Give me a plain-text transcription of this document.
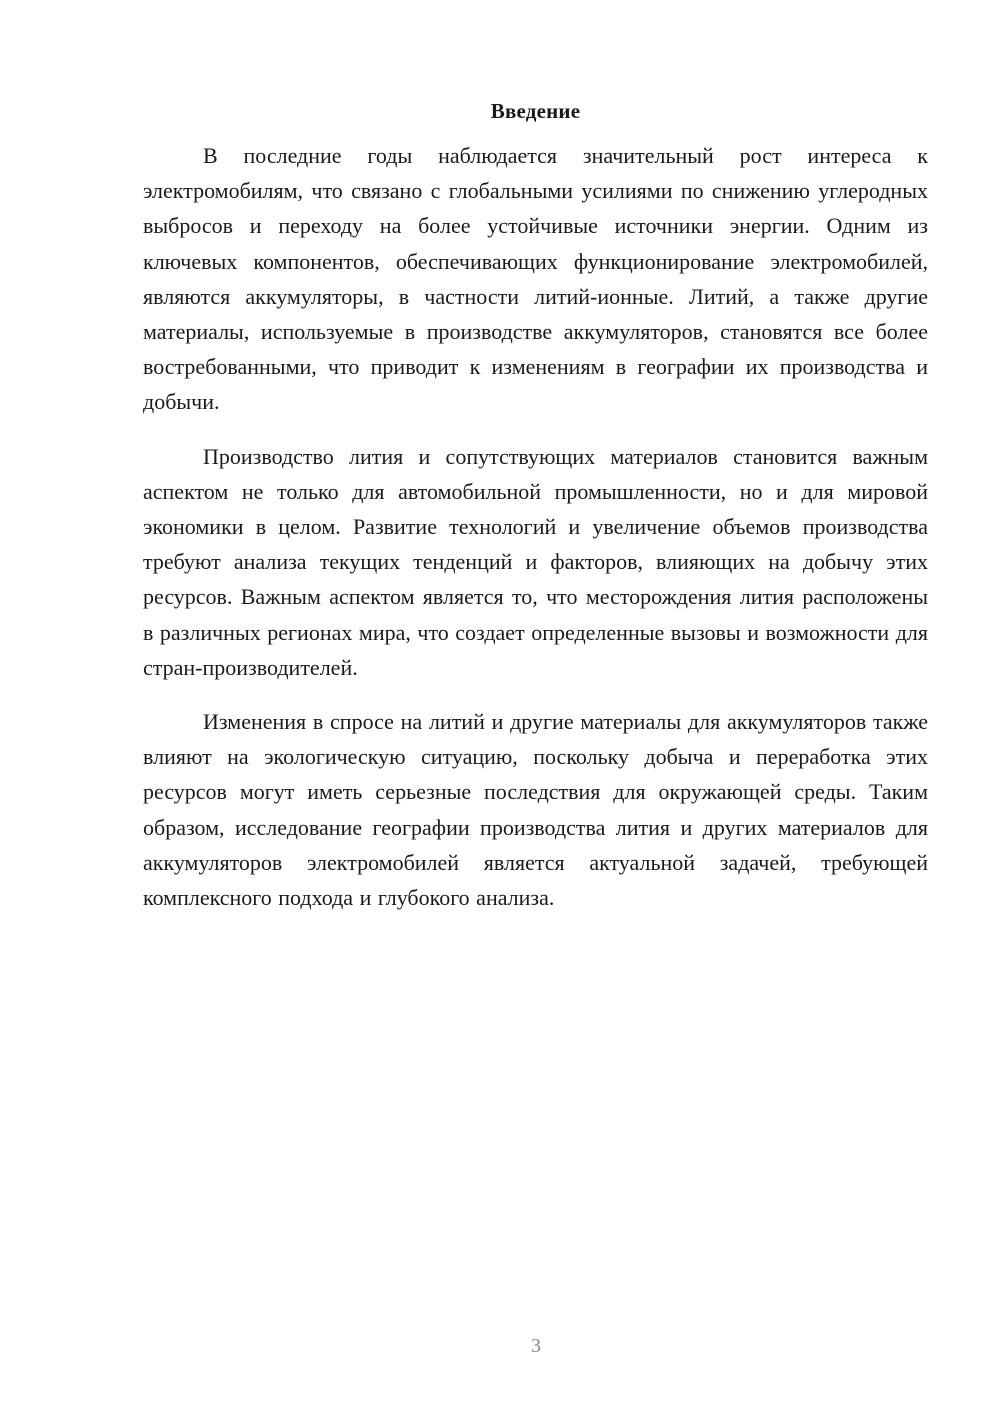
Введение

В последние годы наблюдается значительный рост интереса к электромобилям, что связано с глобальными усилиями по снижению углеродных выбросов и переходу на более устойчивые источники энергии. Одним из ключевых компонентов, обеспечивающих функционирование электромобилей, являются аккумуляторы, в частности литий-ионные. Литий, а также другие материалы, используемые в производстве аккумуляторов, становятся все более востребованными, что приводит к изменениям в географии их производства и добычи.

Производство лития и сопутствующих материалов становится важным аспектом не только для автомобильной промышленности, но и для мировой экономики в целом. Развитие технологий и увеличение объемов производства требуют анализа текущих тенденций и факторов, влияющих на добычу этих ресурсов. Важным аспектом является то, что месторождения лития расположены в различных регионах мира, что создает определенные вызовы и возможности для стран-производителей.

Изменения в спросе на литий и другие материалы для аккумуляторов также влияют на экологическую ситуацию, поскольку добыча и переработка этих ресурсов могут иметь серьезные последствия для окружающей среды. Таким образом, исследование географии производства лития и других материалов для аккумуляторов электромобилей является актуальной задачей, требующей комплексного подхода и глубокого анализа.

3
